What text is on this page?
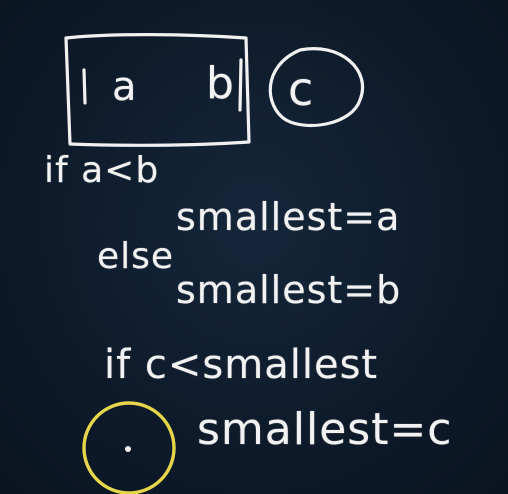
a b c
if a<b
smallest=a
else
smallest=b
if c<smallest
smallest=c
